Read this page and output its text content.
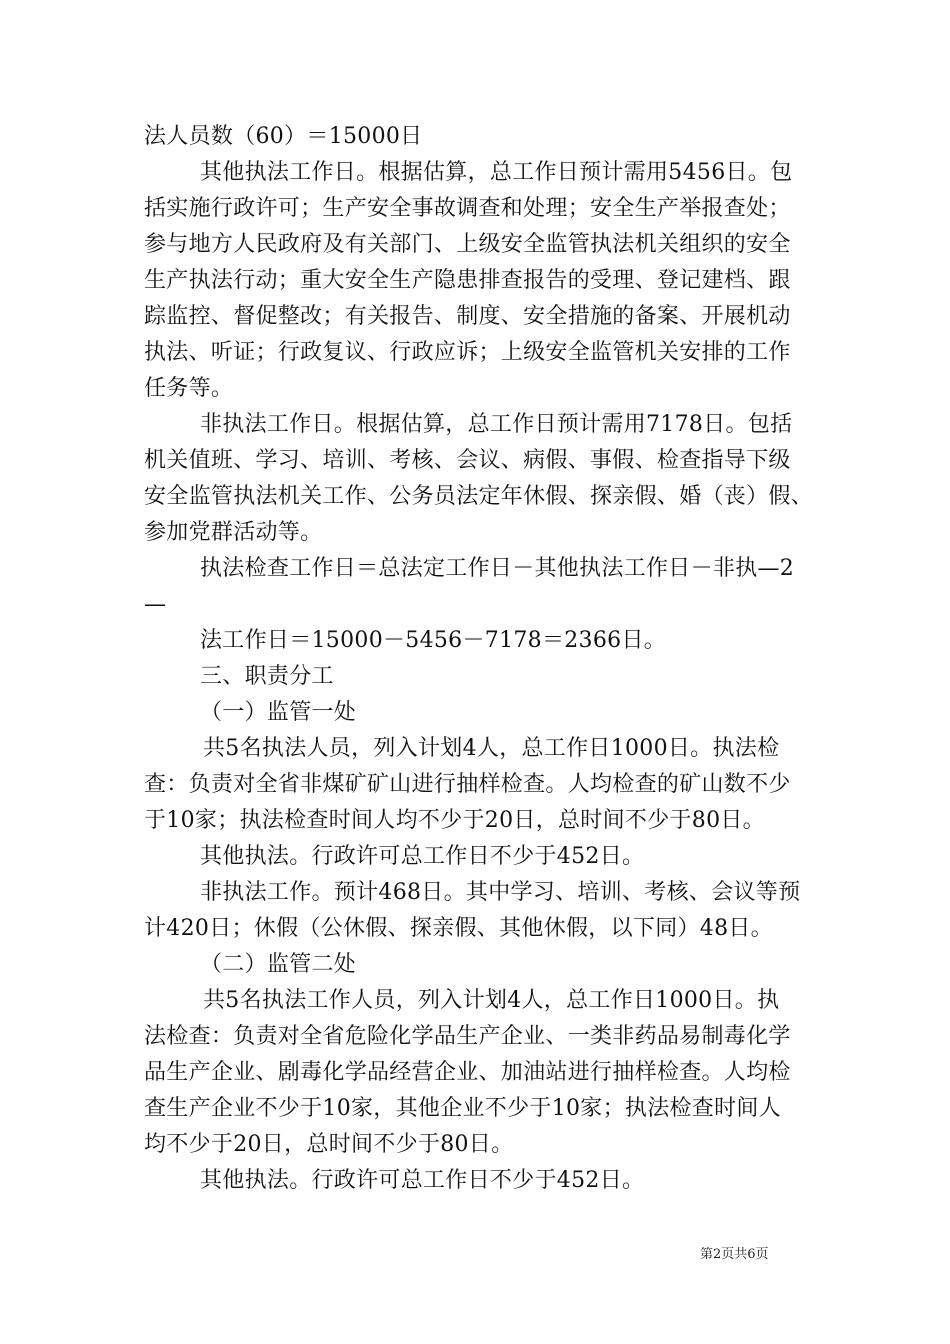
法人员数（60）＝15000日
其他执法工作日。根据估算，总工作日预计需用5456日。包
括实施行政许可；生产安全事故调查和处理；安全生产举报查处；
参与地方人民政府及有关部门、上级安全监管执法机关组织的安全
生产执法行动；重大安全生产隐患排查报告的受理、登记建档、跟
踪监控、督促整改；有关报告、制度、安全措施的备案、开展机动
执法、听证；行政复议、行政应诉；上级安全监管机关安排的工作
任务等。
非执法工作日。根据估算，总工作日预计需用7178日。包括
机关值班、学习、培训、考核、会议、病假、事假、检查指导下级
安全监管执法机关工作、公务员法定年休假、探亲假、婚（丧）假、
参加党群活动等。
执法检查工作日＝总法定工作日－其他执法工作日－非执—2
—
法工作日＝15000－5456－7178＝2366日。
三、职责分工
（一）监管一处
共5名执法人员，列入计划4人，总工作日1000日。执法检
查：负责对全省非煤矿矿山进行抽样检查。人均检查的矿山数不少
于10家；执法检查时间人均不少于20日，总时间不少于80日。
其他执法。行政许可总工作日不少于452日。
非执法工作。预计468日。其中学习、培训、考核、会议等预
计420日；休假（公休假、探亲假、其他休假，以下同）48日。
（二）监管二处
共5名执法工作人员，列入计划4人，总工作日1000日。执
法检查：负责对全省危险化学品生产企业、一类非药品易制毒化学
品生产企业、剧毒化学品经营企业、加油站进行抽样检查。人均检
查生产企业不少于10家，其他企业不少于10家；执法检查时间人
均不少于20日，总时间不少于80日。
其他执法。行政许可总工作日不少于452日。
第2页共6页
